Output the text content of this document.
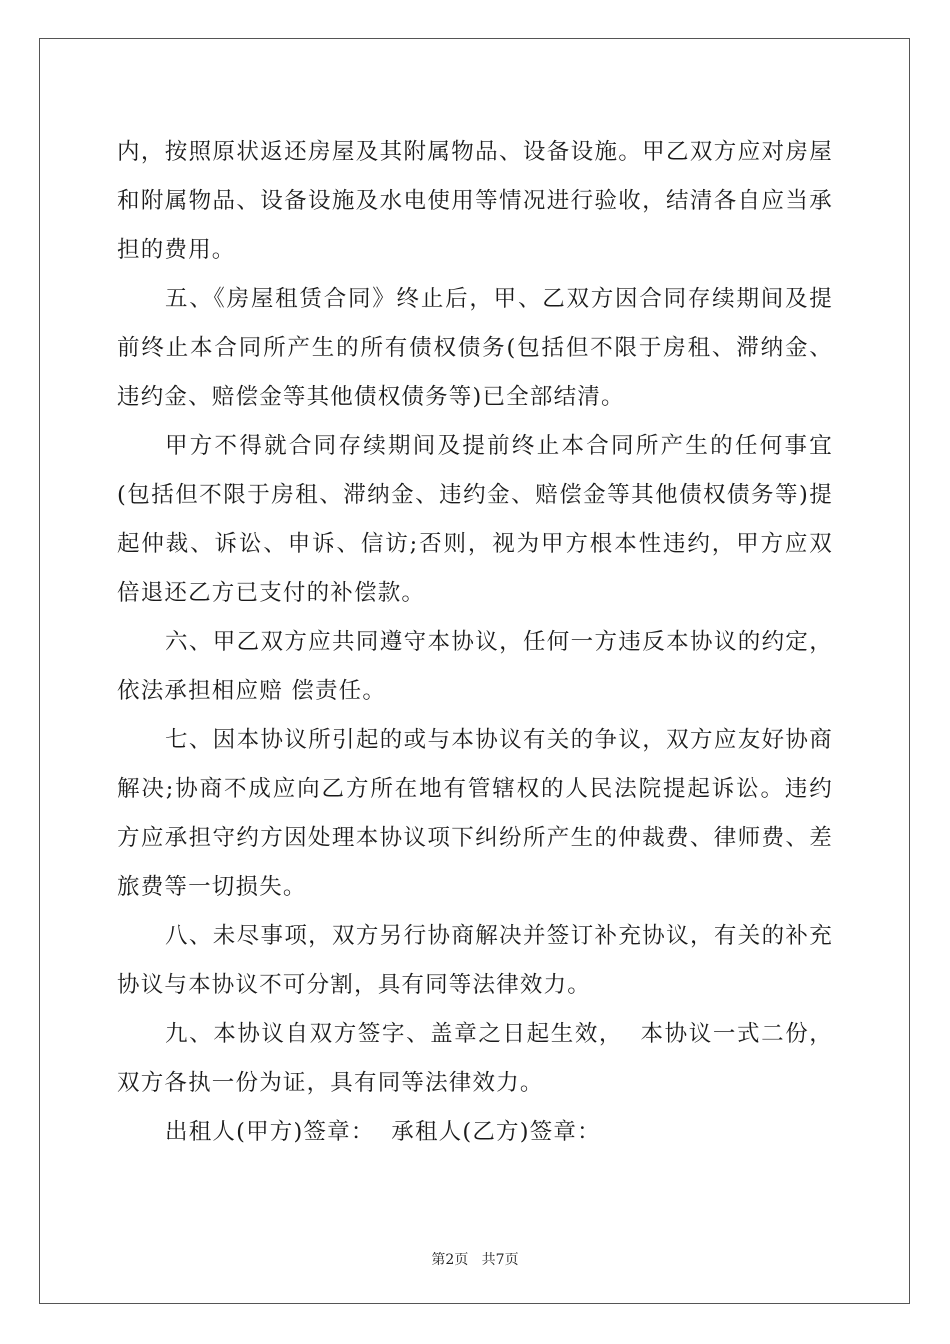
内，按照原状返还房屋及其附属物品、设备设施。甲乙双方应对房屋和附属物品、设备设施及水电使用等情况进行验收，结清各自应当承担的费用。

五、《房屋租赁合同》终止后，甲、乙双方因合同存续期间及提前终止本合同所产生的所有债权债务(包括但不限于房租、滞纳金、违约金、赔偿金等其他债权债务等)已全部结清。

甲方不得就合同存续期间及提前终止本合同所产生的任何事宜(包括但不限于房租、滞纳金、违约金、赔偿金等其他债权债务等)提起仲裁、诉讼、申诉、信访;否则，视为甲方根本性违约，甲方应双倍退还乙方已支付的补偿款。

六、甲乙双方应共同遵守本协议，任何一方违反本协议的约定，依法承担相应赔 偿责任。

七、因本协议所引起的或与本协议有关的争议，双方应友好协商解决;协商不成应向乙方所在地有管辖权的人民法院提起诉讼。违约方应承担守约方因处理本协议项下纠纷所产生的仲裁费、律师费、差旅费等一切损失。

八、未尽事项，双方另行协商解决并签订补充协议，有关的补充协议与本协议不可分割，具有同等法律效力。

九、本协议自双方签字、盖章之日起生效，  本协议一式二份，双方各执一份为证，具有同等法律效力。

出租人(甲方)签章：  承租人(乙方)签章：

第2页   共7页
